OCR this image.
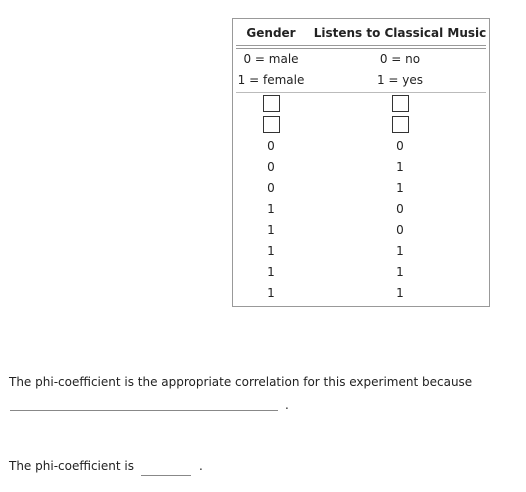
Gender	Listens to Classical Music
0 = male	0 = no
1 = female	1 = yes
0	0
0	1
0	1
1	0
1	0
1	1
1	1
1	1
The phi-coefficient is the appropriate correlation for this experiment because
.
The phi-coefficient is	.
